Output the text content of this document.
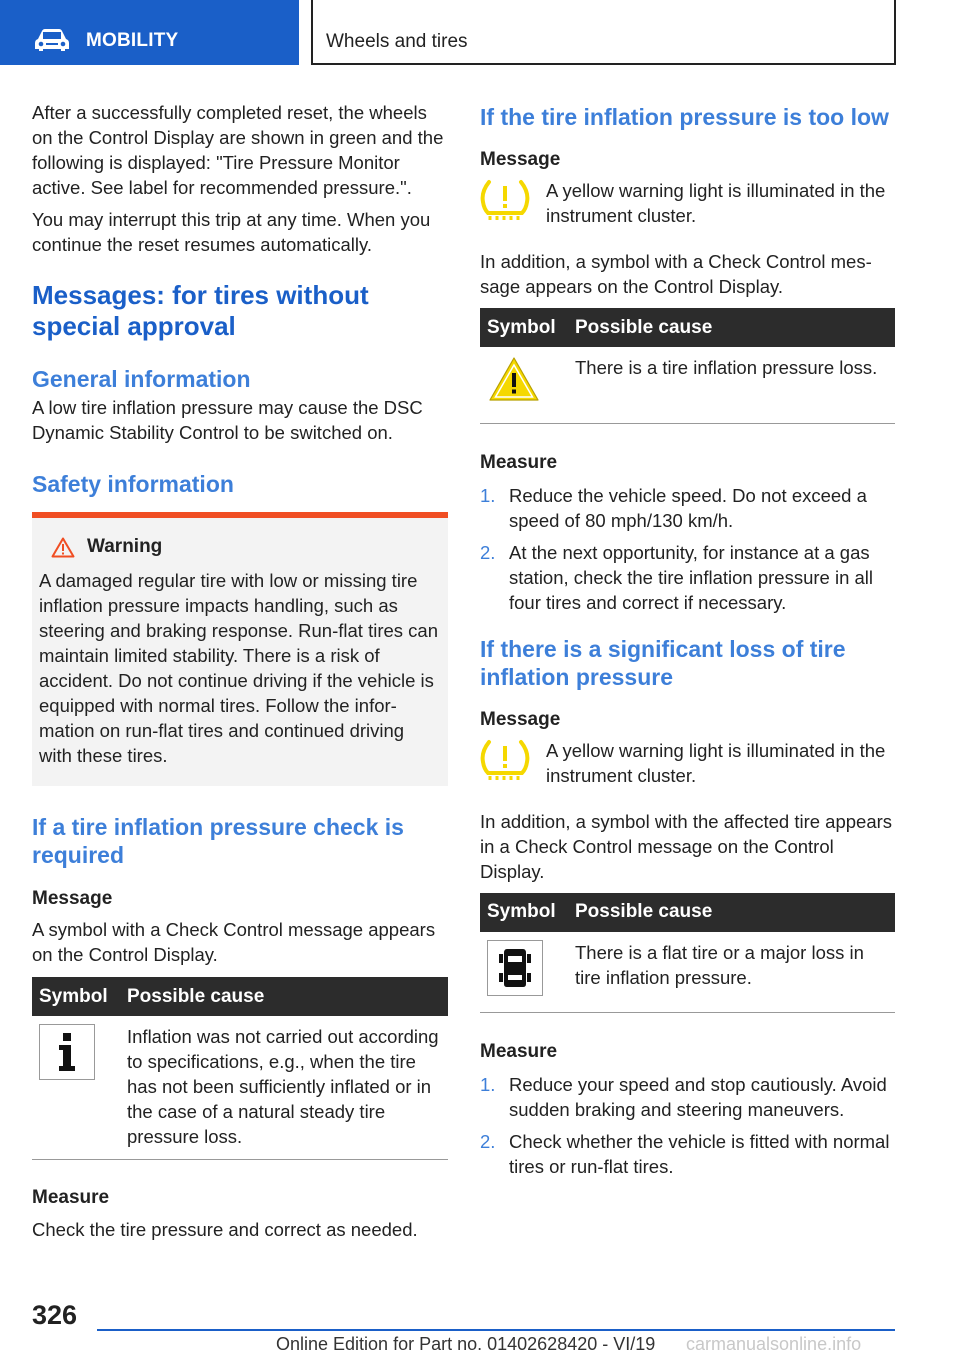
MOBILITY	Wheels and tires

After a successfully completed reset, the wheels on the Control Display are shown in green and the following is displayed: "Tire Pressure Monitor active. See label for recommended pressure.".

You may interrupt this trip at any time. When you continue the reset resumes automatically.

Messages: for tires without special approval
General information

A low tire inflation pressure may cause the DSC Dynamic Stability Control to be switched on.

Safety information
Warning

A damaged regular tire with low or missing tire inflation pressure impacts handling, such as steering and braking response. Run-flat tires can maintain limited stability. There is a risk of accident. Do not continue driving if the vehicle is equipped with normal tires. Follow the information on run-flat tires and continued driving with these tires.

If a tire inflation pressure check is required
Message

A symbol with a Check Control message appears on the Control Display.

Symbol	Possible cause
	Inflation was not carried out according to specifications, e.g., when the tire has not been sufficiently inflated or in the case of a natural steady tire pressure loss.
Measure

Check the tire pressure and correct as needed.

If the tire inflation pressure is too low
Message

A yellow warning light is illuminated in the instrument cluster.

In addition, a symbol with a Check Control message appears on the Control Display.

Symbol	Possible cause
	There is a tire inflation pressure loss.
Measure
1. Reduce the vehicle speed. Do not exceed a speed of 80 mph/130 km/h.
2. At the next opportunity, for instance at a gas station, check the tire inflation pressure in all four tires and correct if necessary.
If there is a significant loss of tire inflation pressure
Message

A yellow warning light is illuminated in the instrument cluster.

In addition, a symbol with the affected tire appears in a Check Control message on the Control Display.

Symbol	Possible cause
	There is a flat tire or a major loss in tire inflation pressure.
Measure
1. Reduce your speed and stop cautiously. Avoid sudden braking and steering maneuvers.
2. Check whether the vehicle is fitted with normal tires or run-flat tires.
326
Online Edition for Part no. 01402628420 - VI/19 carmanualsonline.info
